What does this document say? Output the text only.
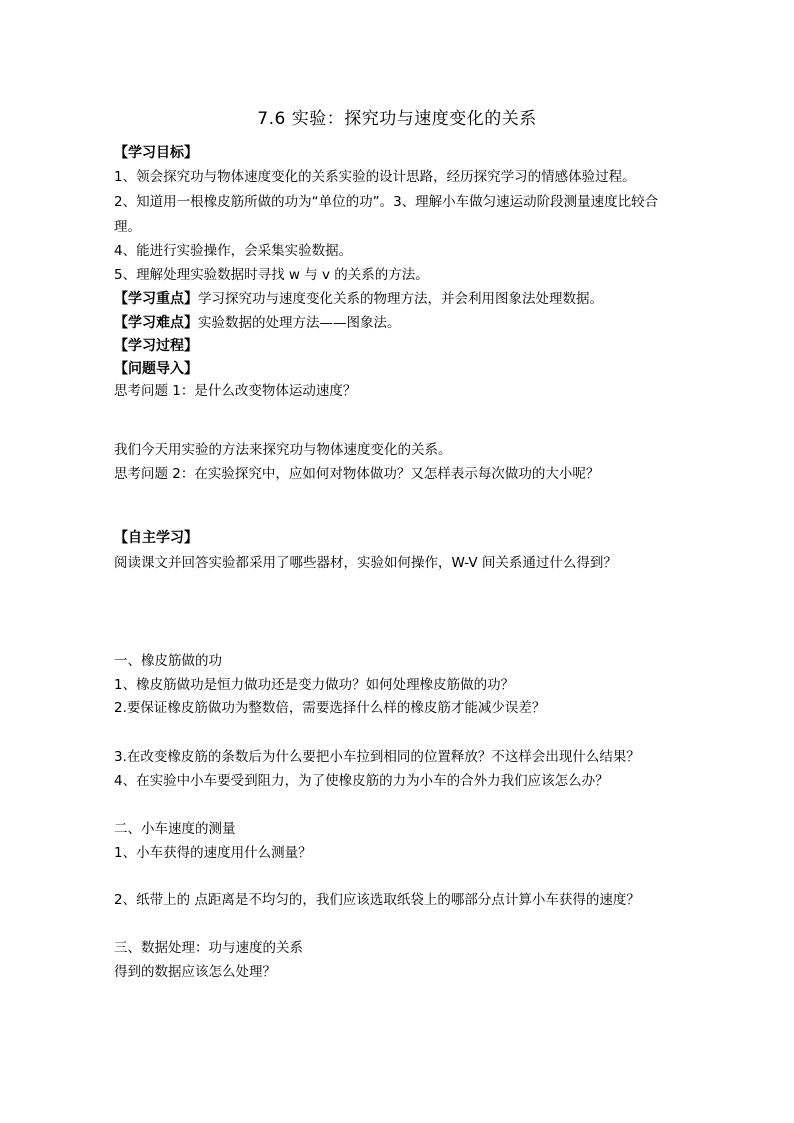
7.6 实验：探究功与速度变化的关系
【学习目标】
1、领会探究功与物体速度变化的关系实验的设计思路，经历探究学习的情感体验过程。
2、知道用一根橡皮筋所做的功为“单位的功”。3、理解小车做匀速运动阶段测量速度比较合
理。
4、能进行实验操作，会采集实验数据。
5、理解处理实验数据时寻找 w 与 v 的关系的方法。
【学习重点】学习探究功与速度变化关系的物理方法，并会利用图象法处理数据。
【学习难点】实验数据的处理方法——图象法。
【学习过程】
【问题导入】
思考问题 1：是什么改变物体运动速度？
我们今天用实验的方法来探究功与物体速度变化的关系。
思考问题 2：在实验探究中，应如何对物体做功？又怎样表示每次做功的大小呢？
【自主学习】
阅读课文并回答实验都采用了哪些器材，实验如何操作，W-V 间关系通过什么得到？
一、橡皮筋做的功
1、橡皮筋做功是恒力做功还是变力做功？如何处理橡皮筋做的功？
2.要保证橡皮筋做功为整数倍，需要选择什么样的橡皮筋才能减少误差？
3.在改变橡皮筋的条数后为什么要把小车拉到相同的位置释放？不这样会出现什么结果？
4、在实验中小车要受到阻力，为了使橡皮筋的力为小车的合外力我们应该怎么办？
二、小车速度的测量
1、小车获得的速度用什么测量？
2、纸带上的 点距离是不均匀的，我们应该选取纸袋上的哪部分点计算小车获得的速度？
三、数据处理：功与速度的关系
得到的数据应该怎么处理？
